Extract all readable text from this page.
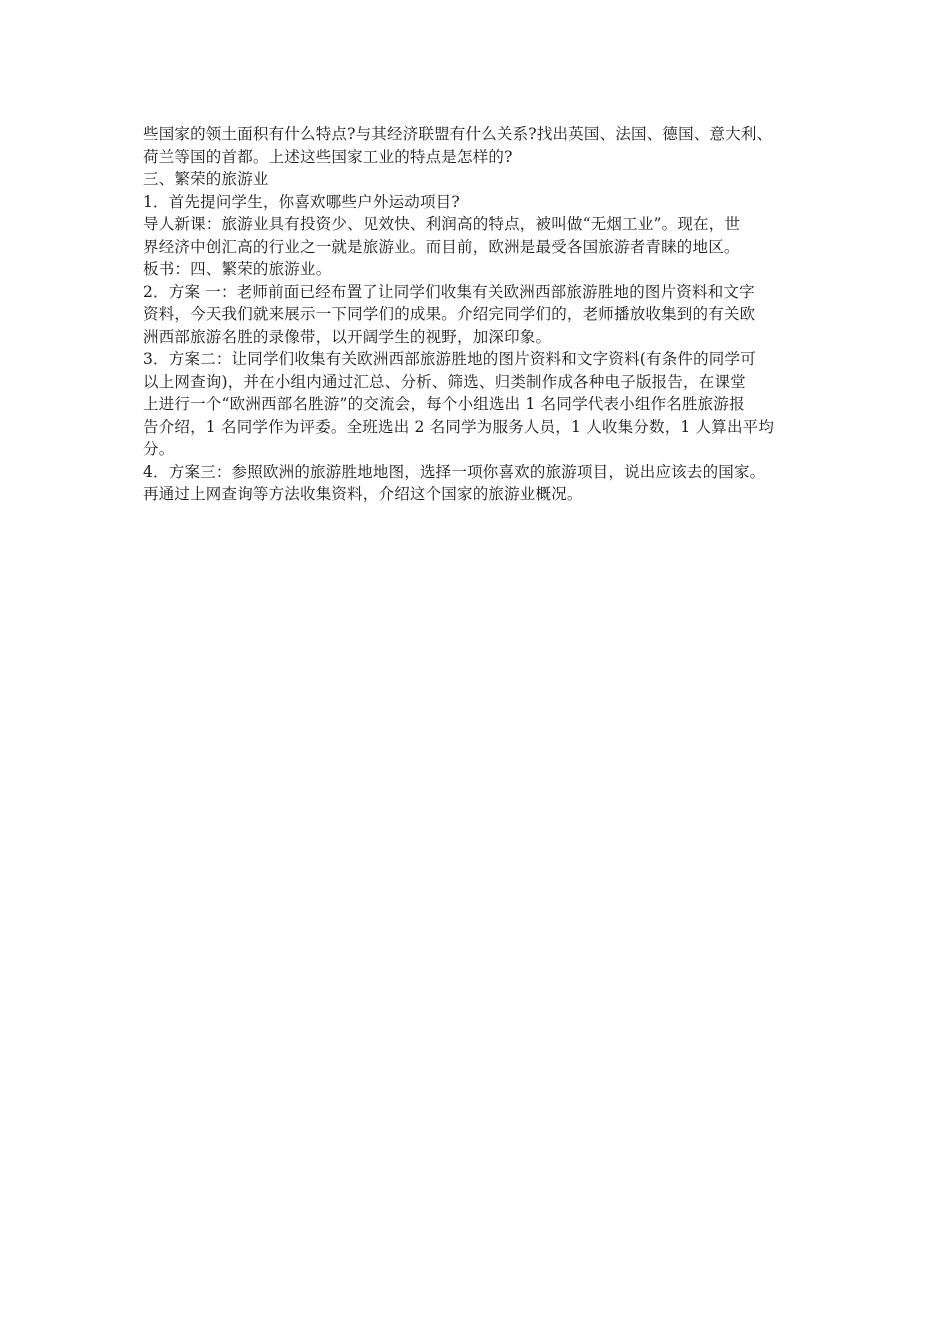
些国家的领土面积有什么特点?与其经济联盟有什么关系?找出英国、法国、德国、意大利、
荷兰等国的首都。上述这些国家工业的特点是怎样的?
三、繁荣的旅游业
1．首先提问学生，你喜欢哪些户外运动项目?
导人新课：旅游业具有投资少、见效快、利润高的特点，被叫做“无烟工业”。现在，世
界经济中创汇高的行业之一就是旅游业。而目前，欧洲是最受各国旅游者青睐的地区。
板书：四、繁荣的旅游业。
2．方案 一：老师前面已经布置了让同学们收集有关欧洲西部旅游胜地的图片资料和文字
资料，今天我们就来展示一下同学们的成果。介绍完同学们的，老师播放收集到的有关欧
洲西部旅游名胜的录像带，以开阔学生的视野，加深印象。
3．方案二：让同学们收集有关欧洲西部旅游胜地的图片资料和文字资料(有条件的同学可
以上网查询)，并在小组内通过汇总、分析、筛选、归类制作成各种电子版报告，在课堂
上进行一个“欧洲西部名胜游”的交流会，每个小组选出 1 名同学代表小组作名胜旅游报
告介绍，1 名同学作为评委。全班选出 2 名同学为服务人员，1 人收集分数，1 人算出平均
分。
4．方案三：参照欧洲的旅游胜地地图，选择一项你喜欢的旅游项目，说出应该去的国家。
再通过上网查询等方法收集资料，介绍这个国家的旅游业概况。
